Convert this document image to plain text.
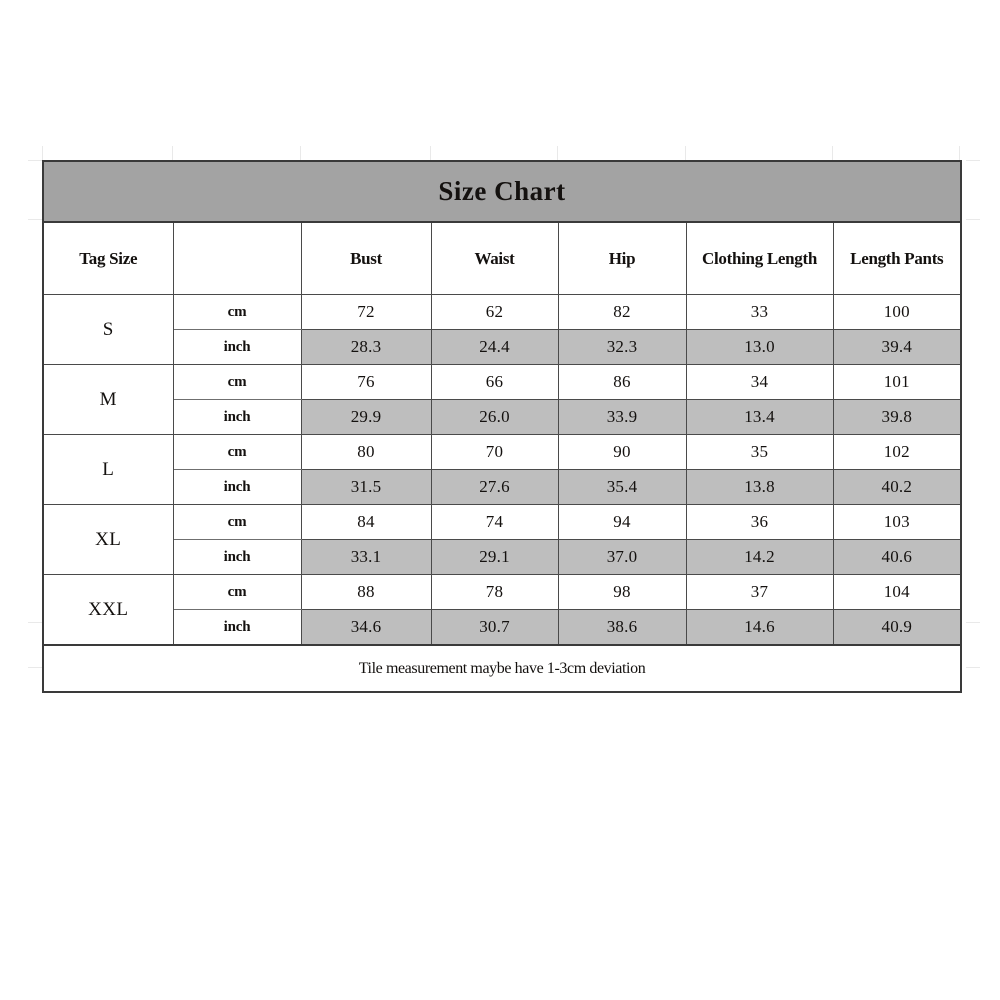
Size Chart						
Tag Size		Bust	Waist	Hip	Clothing Length	Length Pants
S	cm	72	62	82	33	100
	inch	28.3	24.4	32.3	13.0	39.4
M	cm	76	66	86	34	101
	inch	29.9	26.0	33.9	13.4	39.8
L	cm	80	70	90	35	102
	inch	31.5	27.6	35.4	13.8	40.2
XL	cm	84	74	94	36	103
	inch	33.1	29.1	37.0	14.2	40.6
XXL	cm	88	78	98	37	104
	inch	34.6	30.7	38.6	14.6	40.9
Tile measurement maybe have 1-3cm deviation						
